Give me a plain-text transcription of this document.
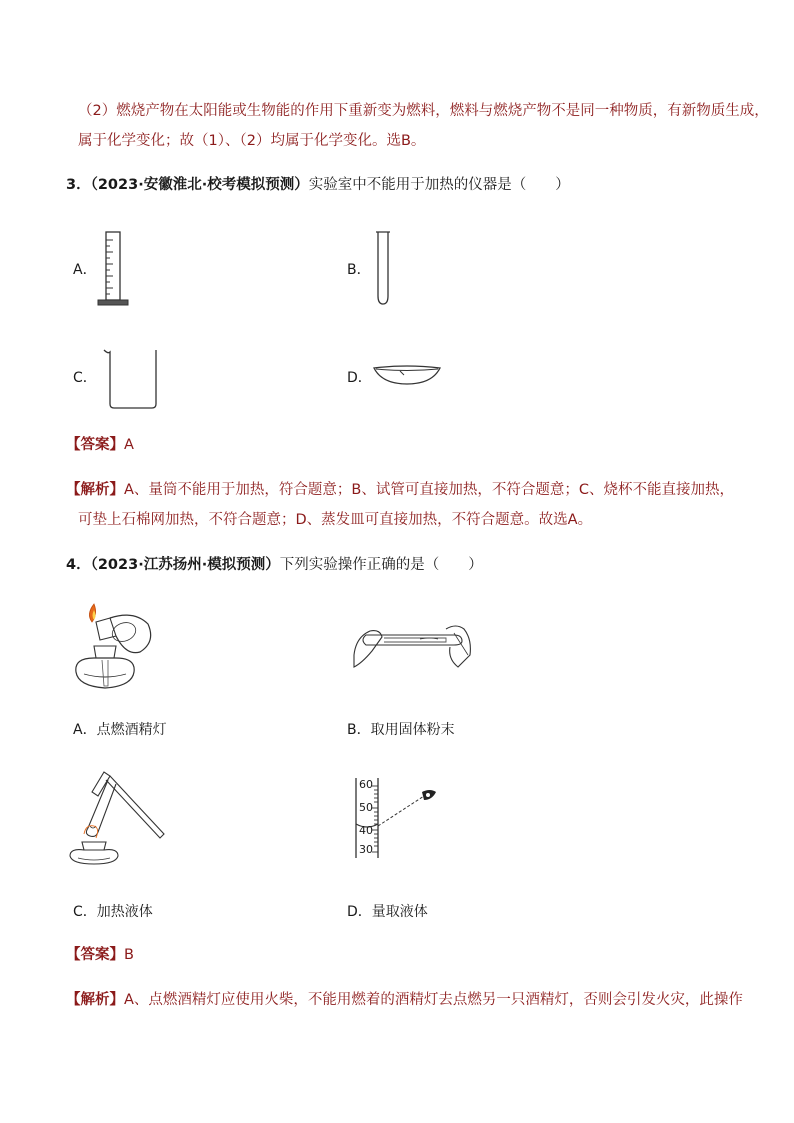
（2）燃烧产物在太阳能或生物能的作用下重新变为燃料，燃料与燃烧产物不是同一种物质，有新物质生成，
属于化学变化；故（1）、（2）均属于化学变化。选B。
3．（2023·安徽淮北·校考模拟预测）实验室中不能用于加热的仪器是（　　）
A．	B．
C．	D．
【答案】A
【解析】A、量筒不能用于加热，符合题意；B、试管可直接加热，不符合题意；C、烧杯不能直接加热，
可垫上石棉网加热，不符合题意；D、蒸发皿可直接加热，不符合题意。故选A。
4．（2023·江苏扬州·模拟预测）下列实验操作正确的是（　　）
A．点燃酒精灯	B．取用固体粉末
C．加热液体
60
50
40
30
D．量取液体
【答案】B
【解析】A、点燃酒精灯应使用火柴，不能用燃着的酒精灯去点燃另一只酒精灯，否则会引发火灾，此操作
